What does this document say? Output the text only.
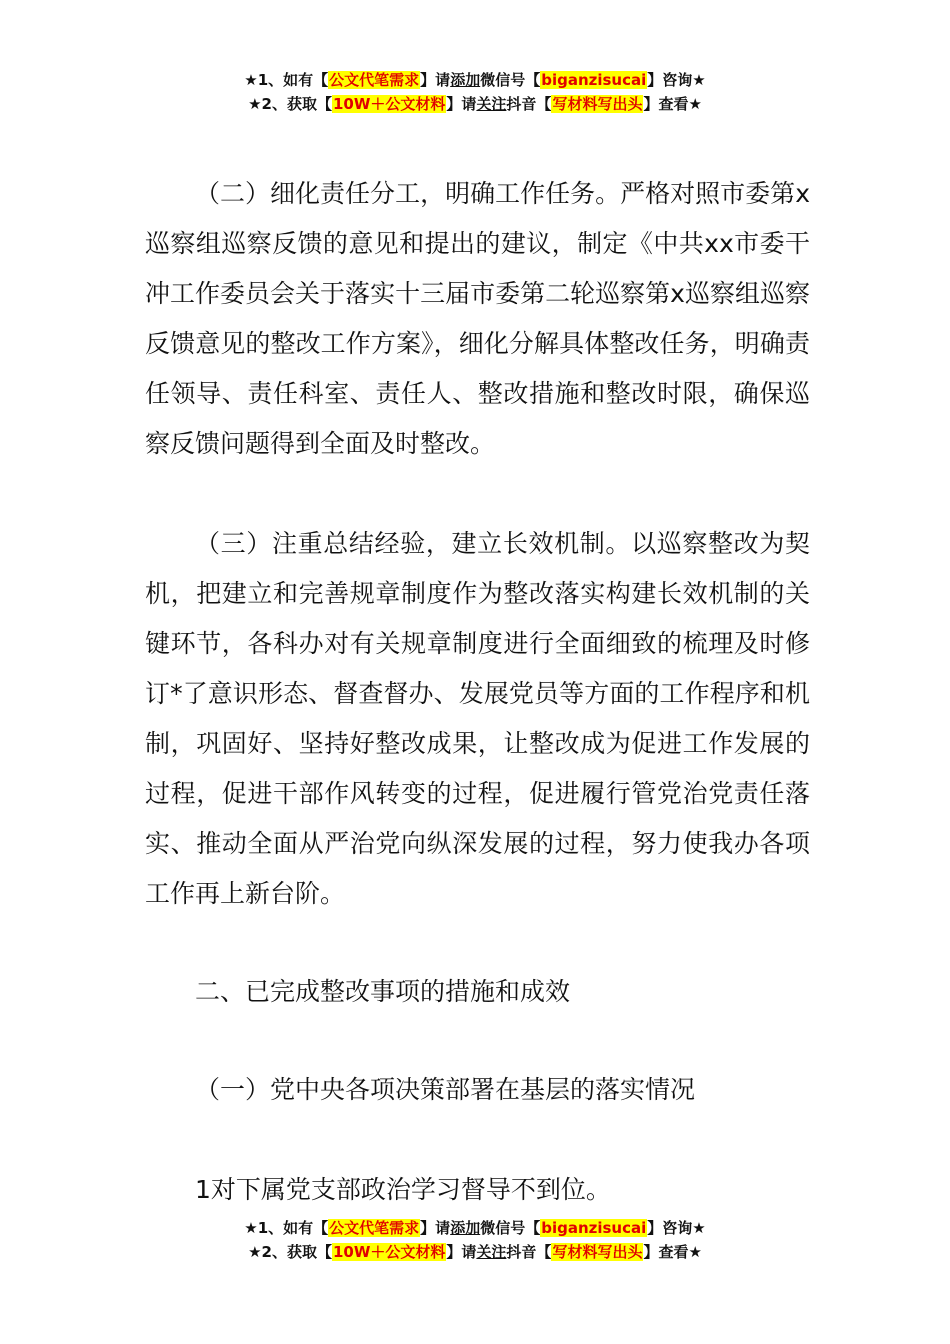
★1、如有【公文代笔需求】请添加微信号【biganzisucai】咨询★
★2、获取【10W＋公文材料】请关注抖音【写材料写出头】查看★

（二）细化责任分工，明确工作任务。严格对照市委第x巡察组巡察反馈的意见和提出的建议，制定《中共xx市委干冲工作委员会关于落实十三届市委第二轮巡察第x巡察组巡察反馈意见的整改工作方案》，细化分解具体整改任务，明确责任领导、责任科室、责任人、整改措施和整改时限，确保巡察反馈问题得到全面及时整改。

（三）注重总结经验，建立长效机制。以巡察整改为契机，把建立和完善规章制度作为整改落实构建长效机制的关键环节，各科办对有关规章制度进行全面细致的梳理及时修订*了意识形态、督查督办、发展党员等方面的工作程序和机制，巩固好、坚持好整改成果，让整改成为促进工作发展的过程，促进干部作风转变的过程，促进履行管党治党责任落实、推动全面从严治党向纵深发展的过程，努力使我办各项工作再上新台阶。

二、已完成整改事项的措施和成效

（一）党中央各项决策部署在基层的落实情况

1对下属党支部政治学习督导不到位。

★1、如有【公文代笔需求】请添加微信号【biganzisucai】咨询★
★2、获取【10W＋公文材料】请关注抖音【写材料写出头】查看★
